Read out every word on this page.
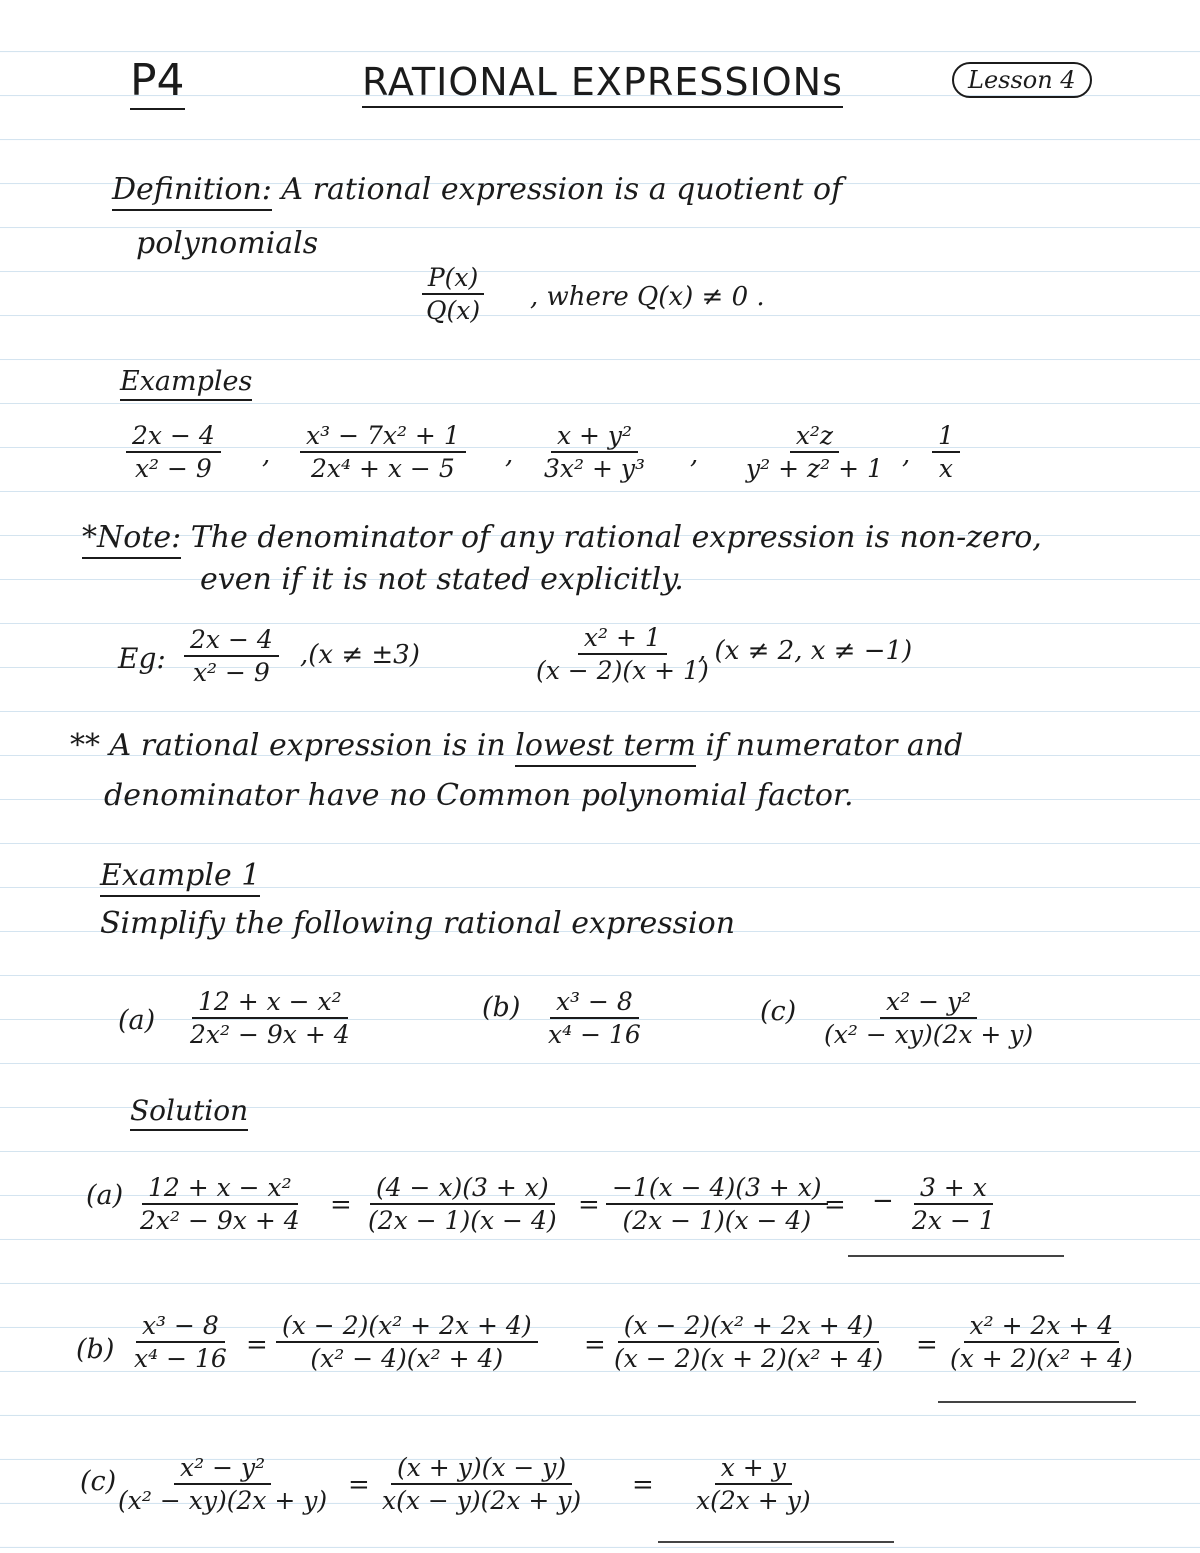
P4	RATIONAL EXPRESSIONs	Lesson 4
Definition: A rational expression is a quotient of
polynomials
$\frac{P(x)}{Q(x)}$ , where Q(x) ≠ 0 .
Examples
$\frac{2x - 4}{\text{x² − 9}}$ , $\frac{\text{x³ − 7x² + 1}}{\text{2x⁴ + x − 5}}$ , $\frac{\text{x + y²}}{\text{3x² + y³}}$ , $\frac{\text{x²z}}{\text{y² + z² + 1}}$ , $\frac{1}{x}$
*Note: The denominator of any rational expression is non-zero,
even if it is not stated explicitly.
Eg: $\frac{2x - 4}{\text{x² − 9}} ,(x \ne \pm 3)$	$\frac{\text{x² + 1}}{(x - 2)(x + 1)}$
, (x ≠ 2, x ≠ −1)
** A rational expression is in lowest term if numerator and
denominator have no Common polynomial factor.
Example 1
Simplify the following rational expression
$(a) \frac{\text{12 + x − x²}}{\text{2x² − 9x + 4}}$	$(b) \frac{\text{x³ − 8}}{\text{x⁴ − 16}}$	$(c) \frac{\text{x² − y²}}{\text{(x² − xy)(2x + y)}}$
Solution
$(a) \frac{\text{12 + x − x²}}{\text{2x² − 9x + 4}} = \frac{(4 - x)(3 + x)}{(2x - 1)(x - 4)} = \frac{-1(x - 4)(3 + x)}{(2x - 1)(x - 4)}$
= − $\frac{3 + x}{2x - 1}$
$(b) \frac{\text{x³ − 8}}{\text{x⁴ − 16}} = \frac{\text{(x − 2)(x² + 2x + 4)}}{\text{(x² − 4)(x² + 4)}} = \frac{\text{(x − 2)(x² + 2x + 4)}}{\text{(x − 2)(x + 2)(x² + 4)}} = \frac{\text{x² + 2x + 4}}{\text{(x + 2)(x² + 4)}}$
(c)
$\frac{\text{x² − y²}}{\text{(x² − xy)(2x + y)}} = \frac{(x + y)(x - y)}{x(x - y)(2x + y)} = \frac{x + y}{x(2x + y)}$
